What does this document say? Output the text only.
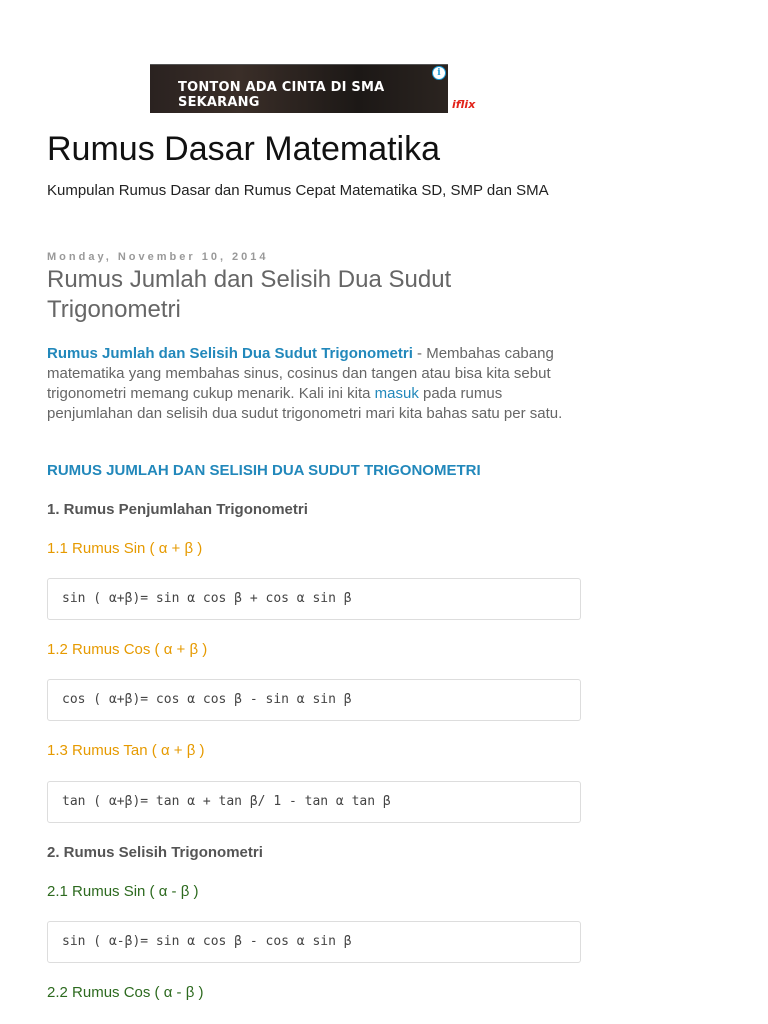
TONTON ADA CINTA DI SMA SEKARANG
i
iflix
Rumus Dasar Matematika
Kumpulan Rumus Dasar dan Rumus Cepat Matematika SD, SMP dan SMA
Monday, November 10, 2014
Rumus Jumlah dan Selisih Dua Sudut Trigonometri
Rumus Jumlah dan Selisih Dua Sudut Trigonometri - Membahas cabang matematika yang membahas sinus, cosinus dan tangen atau bisa kita sebut trigonometri memang cukup menarik. Kali ini kita masuk pada rumus penjumlahan dan selisih dua sudut trigonometri mari kita bahas satu per satu.
RUMUS JUMLAH DAN SELISIH DUA SUDUT TRIGONOMETRI
1. Rumus Penjumlahan Trigonometri
1.1 Rumus Sin ( α + β )
sin ( α+β)= sin α cos β + cos α sin β
1.2 Rumus Cos ( α + β )
cos ( α+β)= cos α cos β - sin α sin β
1.3 Rumus Tan ( α + β )
tan ( α+β)= tan α + tan β/ 1 - tan α tan β
2. Rumus Selisih Trigonometri
2.1 Rumus Sin ( α - β )
sin ( α-β)= sin α cos β - cos α sin β
2.2 Rumus Cos ( α - β )
